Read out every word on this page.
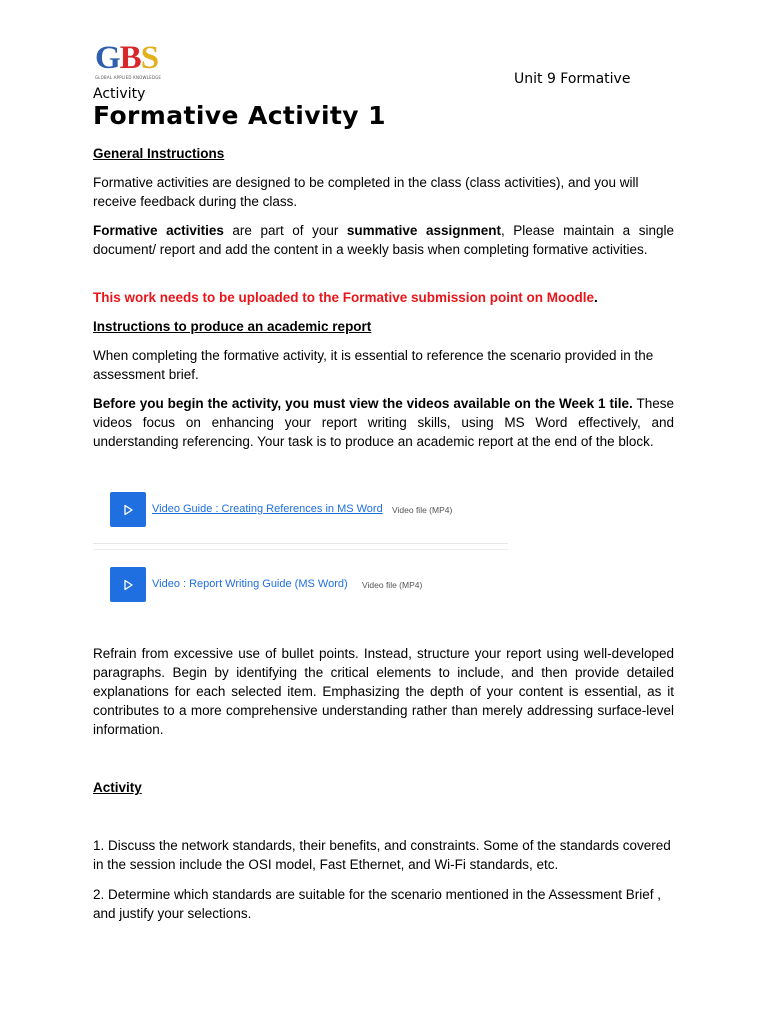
GBS
GLOBAL APPLIED KNOWLEDGE	Unit 9 Formative
Activity
Formative Activity 1
General Instructions
Formative activities are designed to be completed in the class (class activities), and you will receive feedback during the class.
Formative activities are part of your summative assignment, Please maintain a single document/ report and add the content in a weekly basis when completing formative activities.
This work needs to be uploaded to the Formative submission point on Moodle.
Instructions to produce an academic report
When completing the formative activity, it is essential to reference the scenario provided in the assessment brief.
Before you begin the activity, you must view the videos available on the Week 1 tile. These videos focus on enhancing your report writing skills, using MS Word effectively, and understanding referencing. Your task is to produce an academic report at the end of the block.
Video Guide : Creating References in MS Word Video file (MP4)
Video : Report Writing Guide (MS Word) Video file (MP4)
Refrain from excessive use of bullet points. Instead, structure your report using well-developed paragraphs. Begin by identifying the critical elements to include, and then provide detailed explanations for each selected item. Emphasizing the depth of your content is essential, as it contributes to a more comprehensive understanding rather than merely addressing surface-level information.
Activity
1. Discuss the network standards, their benefits, and constraints. Some of the standards covered in the session include the OSI model, Fast Ethernet, and Wi-Fi standards, etc.
2. Determine which standards are suitable for the scenario mentioned in the Assessment Brief , and justify your selections.
